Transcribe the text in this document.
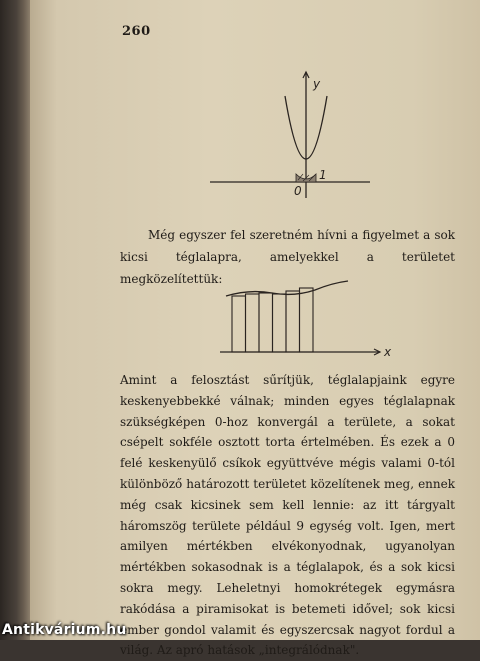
260
y
0
1
Még egyszer fel szeretném hívni a figyelmet a sok kicsi téglalapra, amelyekkel a területet megközelítettük:
x
Amint a felosztást sűrítjük, téglalapjaink egyre keskenyebbekké válnak; minden egyes téglalapnak szükségképen 0-hoz konvergál a területe, a sokat csépelt sokféle osztott torta értelmében. És ezek a 0 felé keskenyülő csíkok együttvéve mégis valami 0-tól különböző határozott területet közelítenek meg, ennek még csak kicsinek sem kell lennie: az itt tárgyalt háromszög területe például 9 egység volt. Igen, mert amilyen mértékben elvékonyodnak, ugyanolyan mértékben sokasodnak is a téglalapok, és a sok kicsi sokra megy. Leheletnyi homokrétegek egymásra rakódása a piramisokat is betemeti idővel; sok kicsi ember gondol valamit és egyszercsak nagyot fordul a világ. Az apró hatások „integrálódnak".
Antikvárium.hu
